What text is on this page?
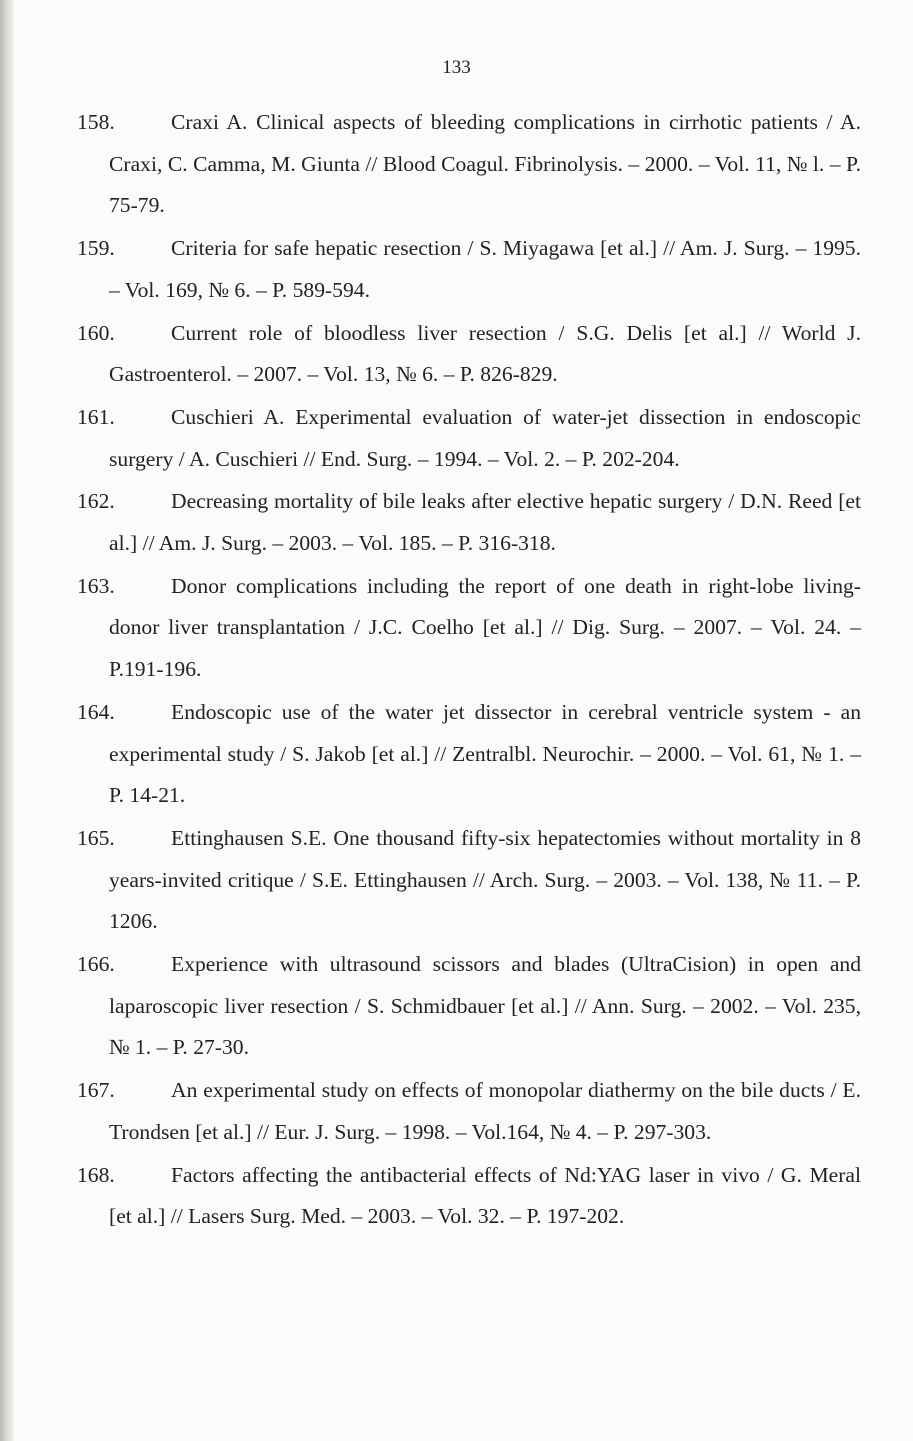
133
158.	Craxi A. Clinical aspects of bleeding complications in cirrhotic patients / A. Craxi, C. Camma, M. Giunta // Blood Coagul. Fibrinolysis. – 2000. – Vol. 11, № l. – P. 75-79.
159.	Criteria for safe hepatic resection / S. Miyagawa [et al.] // Am. J. Surg. – 1995. – Vol. 169, № 6. – P. 589-594.
160.	Current role of bloodless liver resection / S.G. Delis [et al.] // World J. Gastroenterol. – 2007. – Vol. 13, № 6. – P. 826-829.
161.	Cuschieri A. Experimental evaluation of water-jet dissection in endoscopic surgery / A. Cuschieri // End. Surg. – 1994. – Vol. 2. – P. 202-204.
162.	Decreasing mortality of bile leaks after elective hepatic surgery / D.N. Reed [et al.] // Am. J. Surg. – 2003. – Vol. 185. – P. 316-318.
163.	Donor complications including the report of one death in right-lobe living-donor liver transplantation / J.C. Coelho [et al.] // Dig. Surg. – 2007. – Vol. 24. – P.191-196.
164.	Endoscopic use of the water jet dissector in cerebral ventricle system - an experimental study / S. Jakob [et al.] // Zentralbl. Neurochir. – 2000. – Vol. 61, № 1. – P. 14-21.
165.	Ettinghausen S.E. One thousand fifty-six hepatectomies without mortality in 8 years-invited critique / S.E. Ettinghausen // Arch. Surg. – 2003. – Vol. 138, № 11. – P. 1206.
166.	Experience with ultrasound scissors and blades (UltraCision) in open and laparoscopic liver resection / S. Schmidbauer [et al.] // Ann. Surg. – 2002. – Vol. 235, № 1. – P. 27-30.
167.	An experimental study on effects of monopolar diathermy on the bile ducts / E. Trondsen [et al.] // Eur. J. Surg. – 1998. – Vol.164, № 4. – P. 297-303.
168.	Factors affecting the antibacterial effects of Nd:YAG laser in vivo / G. Meral [et al.] // Lasers Surg. Med. – 2003. – Vol. 32. – P. 197-202.
